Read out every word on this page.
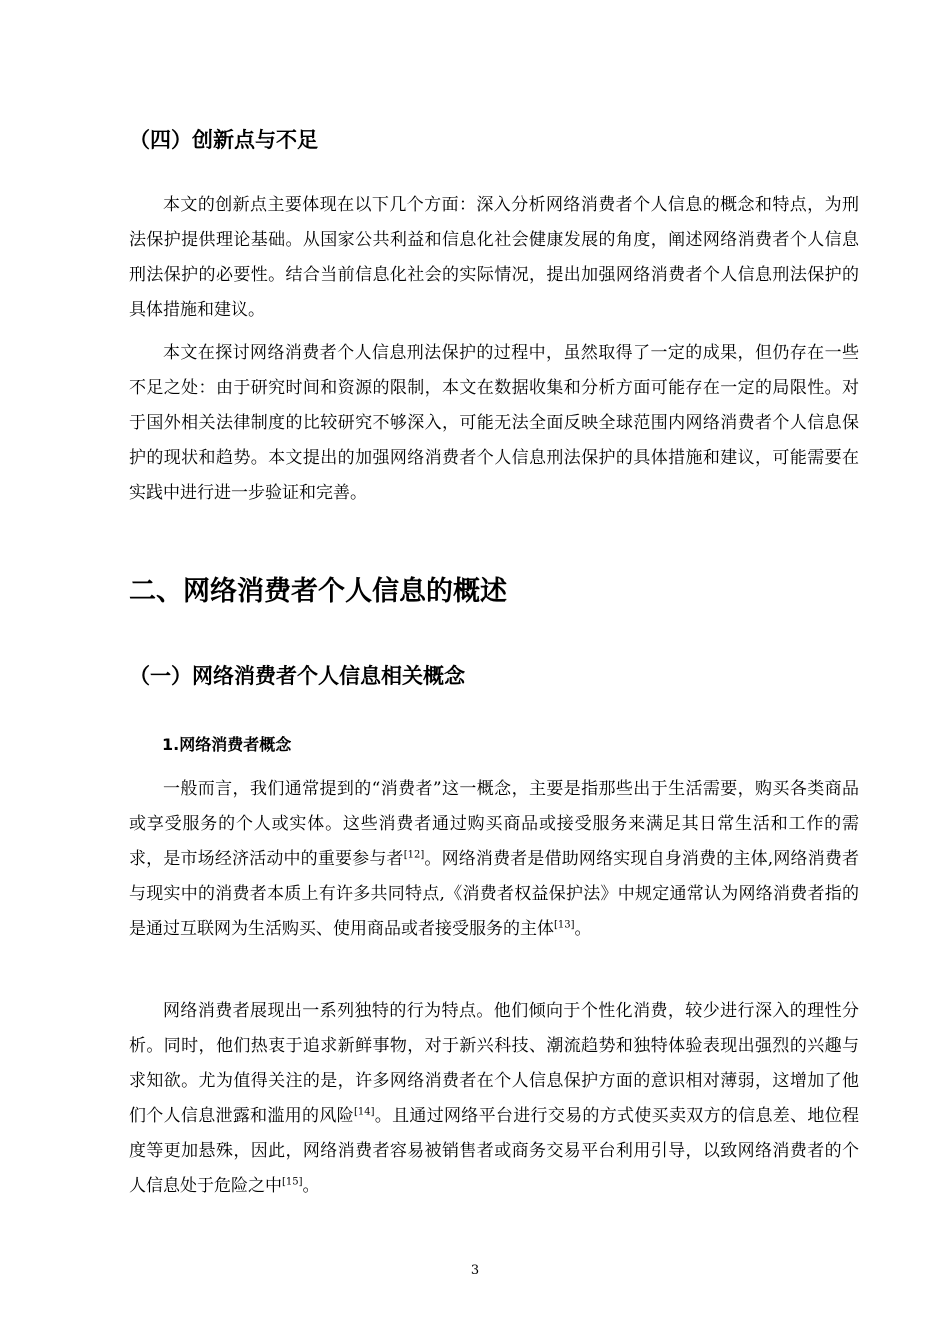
（四）创新点与不足

本文的创新点主要体现在以下几个方面：深入分析网络消费者个人信息的概念和特点，为刑法保护提供理论基础。从国家公共利益和信息化社会健康发展的角度，阐述网络消费者个人信息刑法保护的必要性。结合当前信息化社会的实际情况，提出加强网络消费者个人信息刑法保护的具体措施和建议。

本文在探讨网络消费者个人信息刑法保护的过程中，虽然取得了一定的成果，但仍存在一些不足之处：由于研究时间和资源的限制，本文在数据收集和分析方面可能存在一定的局限性。对于国外相关法律制度的比较研究不够深入，可能无法全面反映全球范围内网络消费者个人信息保护的现状和趋势。本文提出的加强网络消费者个人信息刑法保护的具体措施和建议，可能需要在实践中进行进一步验证和完善。

二、网络消费者个人信息的概述
（一）网络消费者个人信息相关概念
1.网络消费者概念

一般而言，我们通常提到的“消费者”这一概念，主要是指那些出于生活需要，购买各类商品或享受服务的个人或实体。这些消费者通过购买商品或接受服务来满足其日常生活和工作的需求，是市场经济活动中的重要参与者[12]。网络消费者是借助网络实现自身消费的主体,网络消费者与现实中的消费者本质上有许多共同特点,《消费者权益保护法》中规定通常认为网络消费者指的是通过互联网为生活购买、使用商品或者接受服务的主体[13]。

网络消费者展现出一系列独特的行为特点。他们倾向于个性化消费，较少进行深入的理性分析。同时，他们热衷于追求新鲜事物，对于新兴科技、潮流趋势和独特体验表现出强烈的兴趣与求知欲。尤为值得关注的是，许多网络消费者在个人信息保护方面的意识相对薄弱，这增加了他们个人信息泄露和滥用的风险[14]。且通过网络平台进行交易的方式使买卖双方的信息差、地位程度等更加悬殊，因此，网络消费者容易被销售者或商务交易平台利用引导，以致网络消费者的个人信息处于危险之中[15]。

3
